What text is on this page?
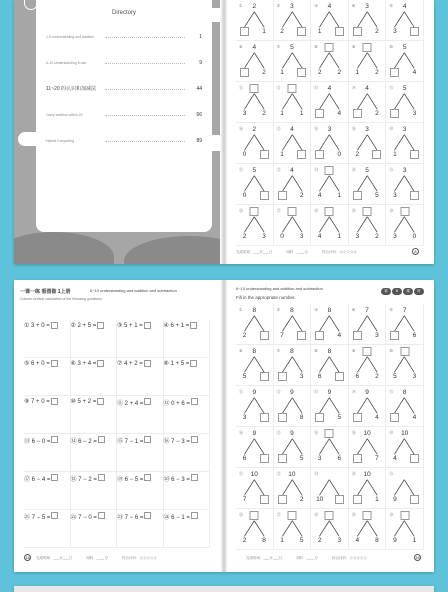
Directory
1-5 understanding and addition	1
6-10 Understanding 8 use	9
11~20 的认识和加减法	44
Carry addition within 20	66
Hybrid Computing	89
①	2
1
②	3
2
③	4
1
④	3
2
⑤	4
3
⑥	4
2
⑦	5
1
⑧
2	2
⑨
1	2
⑩	5
4
⑪
3	2
⑫
1	1
⑬	4
4
⑭	4
2
⑮	5
3
⑯	2
0
⑰	4
1
⑱	3
0
⑲	3
2
⑳	3
1
㉑	5
0
㉒	4
2
㉓
4	1
㉔	5
5
㉕	3
3
㉖
2	3
㉗
0	3
㉘
4	1
㉙
3	2
㉚
3	0
完成时间：___月___日	用时：____分	综合评价：☆☆☆☆☆	8
一课一练 看图做 1上册
Column vertical calculation of the following questions
6~10 understanding and addition and subtraction
① 3 + 0 =	② 2 + 5 =	③ 5 + 1 =	④ 6 + 1 =
⑤ 6 + 0 =	⑥ 3 + 4 =	⑦ 4 + 2 =	⑧ 1 + 5 =
⑨ 7 + 0 =	⑩ 5 + 2 =	⑪ 2 + 4 =	⑫ 0 + 6 =
⑬ 6 − 0 =	⑭ 6 − 2 =	⑮ 7 − 1 =	⑯ 7 − 3 =
⑰ 6 − 4 =	⑱ 7 − 2 =	⑲ 6 − 5 =	⑳ 6 − 3 =
㉑ 7 − 5 =	㉒ 7 − 0 =	㉓ 7 − 6 =	㉔ 6 − 1 =
完成时间：___月___日	用时：____分	综合评价：☆☆☆☆☆
18
6~10 understanding and addition and subtraction
Fill in the appropriate number.
第	8	课	时
①	8
2
②	8
7
③	8
4
④	7
3
⑤	7
6
⑥	8
5
⑦	8
3
⑧	8
6
⑨
6	2
⑩
5	3
⑪	9
3
⑫	9
8
⑬	9
5
⑭	9
4
⑮	8
4
⑯	9
6
⑰	9
5
⑱
3	6
⑲ 10
7
⑳ 10
4
㉑ 10
7
㉒ 10
2
㉓
10
㉔ 10
1
㉕
9
㉖
2	8
㉗
1	5
㉘
2	3
㉙
4	8
㉚
9	1
完成时间：___月___日	用时：____分	综合评价：☆☆☆☆☆	19
